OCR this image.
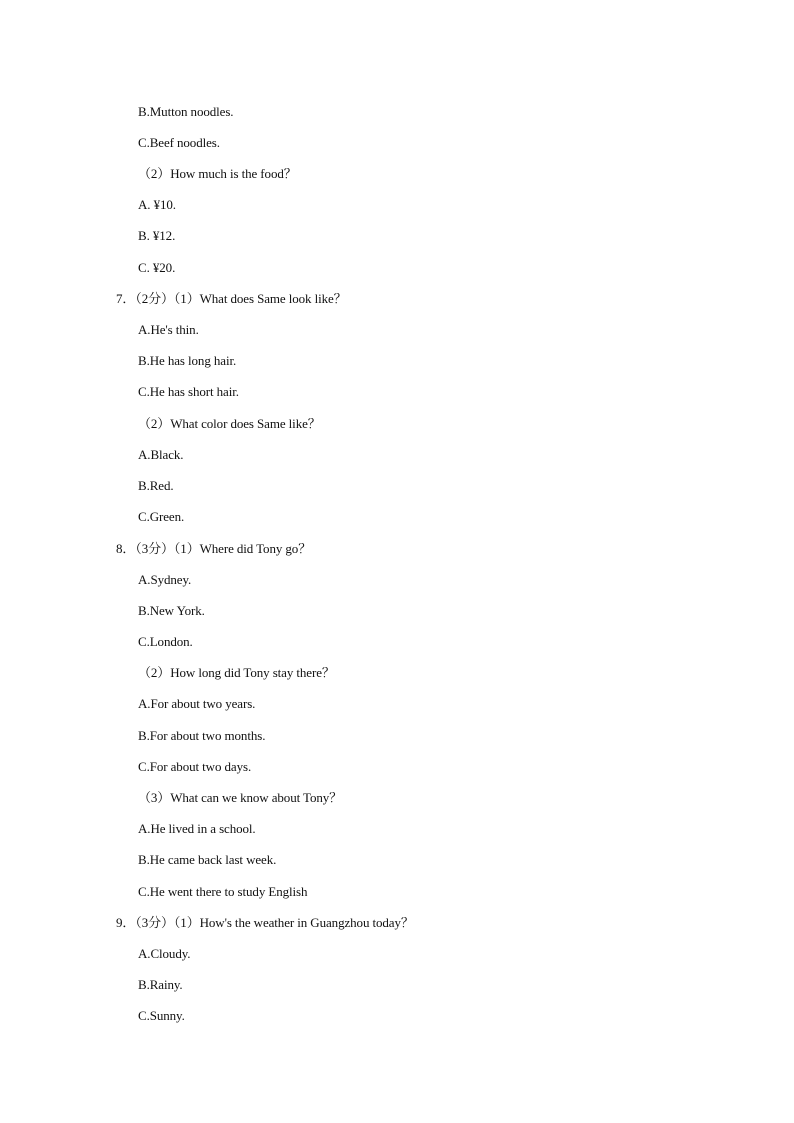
B.Mutton noodles.
C.Beef noodles.
（2）How much is the food？
A. ¥10.
B. ¥12.
C. ¥20.
7．（2分）（1）What does Same look like？
A.He's thin.
B.He has long hair.
C.He has short hair.
（2）What color does Same like？
A.Black.
B.Red.
C.Green.
8．（3分）（1）Where did Tony go？
A.Sydney.
B.New York.
C.London.
（2）How long did Tony stay there？
A.For about two years.
B.For about two months.
C.For about two days.
（3）What can we know about Tony？
A.He lived in a school.
B.He came back last week.
C.He went there to study English
9．（3分）（1）How's the weather in Guangzhou today？
A.Cloudy.
B.Rainy.
C.Sunny.
